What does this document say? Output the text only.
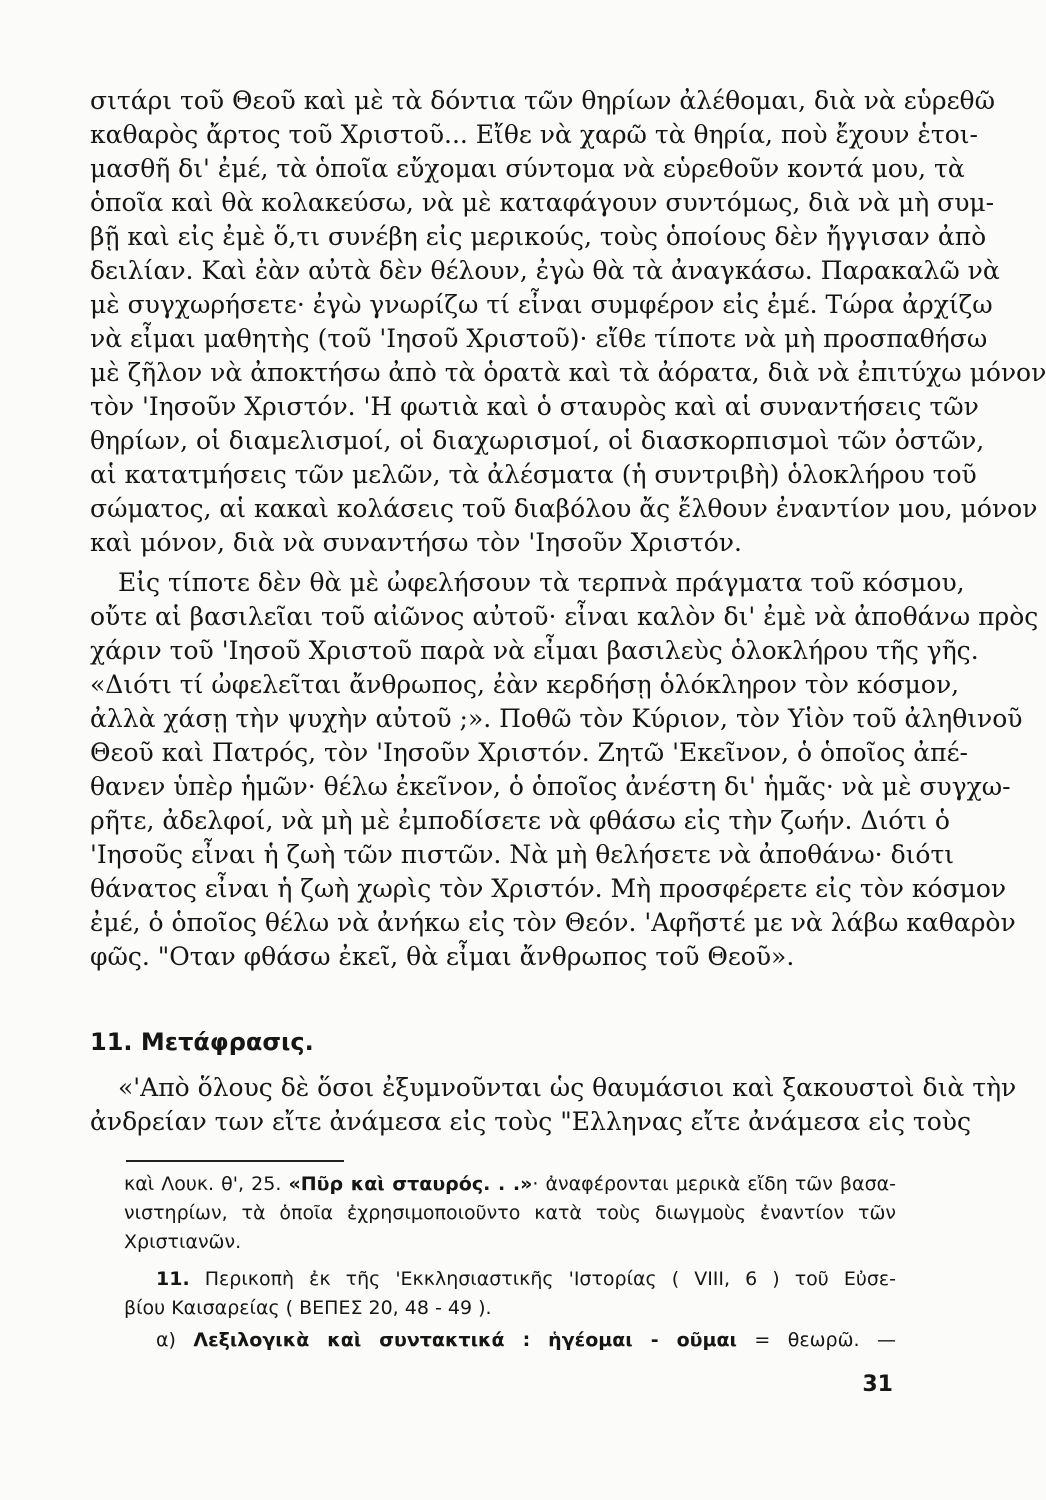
σιτάρι τοῦ Θεοῦ καὶ μὲ τὰ δόντια τῶν θηρίων ἀλέθομαι, διὰ νὰ εὑρεθῶ
καθαρὸς ἄρτος τοῦ Χριστοῦ... Εἴθε νὰ χαρῶ τὰ θηρία, ποὺ ἔχουν ἑτοι-
μασθῆ δι' ἐμέ, τὰ ὁποῖα εὔχομαι σύντομα νὰ εὑρεθοῦν κοντά μου, τὰ
ὁποῖα καὶ θὰ κολακεύσω, νὰ μὲ καταφάγουν συντόμως, διὰ νὰ μὴ συμ-
βῇ καὶ εἰς ἐμὲ ὅ,τι συνέβη εἰς μερικούς, τοὺς ὁποίους δὲν ἤγγισαν ἀπὸ
δειλίαν. Καὶ ἐὰν αὐτὰ δὲν θέλουν, ἐγὼ θὰ τὰ ἀναγκάσω. Παρακαλῶ νὰ
μὲ συγχωρήσετε· ἐγὼ γνωρίζω τί εἶναι συμφέρον εἰς ἐμέ. Τώρα ἀρχίζω
νὰ εἶμαι μαθητὴς (τοῦ 'Ιησοῦ Χριστοῦ)· εἴθε τίποτε νὰ μὴ προσπαθήσω
μὲ ζῆλον νὰ ἀποκτήσω ἀπὸ τὰ ὁρατὰ καὶ τὰ ἀόρατα, διὰ νὰ ἐπιτύχω μόνον
τὸν 'Ιησοῦν Χριστόν. 'Η φωτιὰ καὶ ὁ σταυρὸς καὶ αἱ συναντήσεις τῶν
θηρίων, οἱ διαμελισμοί, οἱ διαχωρισμοί, οἱ διασκορπισμοὶ τῶν ὀστῶν,
αἱ κατατμήσεις τῶν μελῶν, τὰ ἀλέσματα (ἡ συντριβὴ) ὁλοκλήρου τοῦ
σώματος, αἱ κακαὶ κολάσεις τοῦ διαβόλου ἄς ἔλθουν ἐναντίον μου, μόνον
καὶ μόνον, διὰ νὰ συναντήσω τὸν 'Ιησοῦν Χριστόν.
Εἰς τίποτε δὲν θὰ μὲ ὠφελήσουν τὰ τερπνὰ πράγματα τοῦ κόσμου,
οὔτε αἱ βασιλεῖαι τοῦ αἰῶνος αὐτοῦ· εἶναι καλὸν δι' ἐμὲ νὰ ἀποθάνω πρὸς
χάριν τοῦ 'Ιησοῦ Χριστοῦ παρὰ νὰ εἶμαι βασιλεὺς ὁλοκλήρου τῆς γῆς.
«Διότι τί ὠφελεῖται ἄνθρωπος, ἐὰν κερδήσῃ ὁλόκληρον τὸν κόσμον,
ἀλλὰ χάσῃ τὴν ψυχὴν αὐτοῦ ;». Ποθῶ τὸν Κύριον, τὸν Υἱὸν τοῦ ἀληθινοῦ
Θεοῦ καὶ Πατρός, τὸν 'Ιησοῦν Χριστόν. Ζητῶ 'Εκεῖνον, ὁ ὁποῖος ἀπέ-
θανεν ὑπὲρ ἡμῶν· θέλω ἐκεῖνον, ὁ ὁποῖος ἀνέστη δι' ἡμᾶς· νὰ μὲ συγχω-
ρῆτε, ἀδελφοί, νὰ μὴ μὲ ἐμποδίσετε νὰ φθάσω εἰς τὴν ζωήν. Διότι ὁ
'Ιησοῦς εἶναι ἡ ζωὴ τῶν πιστῶν. Νὰ μὴ θελήσετε νὰ ἀποθάνω· διότι
θάνατος εἶναι ἡ ζωὴ χωρὶς τὸν Χριστόν. Μὴ προσφέρετε εἰς τὸν κόσμον
ἐμέ, ὁ ὁποῖος θέλω νὰ ἀνήκω εἰς τὸν Θεόν. 'Αφῆστέ με νὰ λάβω καθαρὸν
φῶς. "Οταν φθάσω ἐκεῖ, θὰ εἶμαι ἄνθρωπος τοῦ Θεοῦ».
11. Μετάφρασις.
«'Απὸ ὅλους δὲ ὅσοι ἐξυμνοῦνται ὡς θαυμάσιοι καὶ ξακουστοὶ διὰ τὴν
ἀνδρείαν των εἴτε ἀνάμεσα εἰς τοὺς "Ελληνας εἴτε ἀνάμεσα εἰς τοὺς
καὶ Λουκ. θ', 25. «Πῦρ καὶ σταυρός. . .»· ἀναφέρονται μερικὰ εἴδη τῶν βασα-
νιστηρίων, τὰ ὁποῖα ἐχρησιμοποιοῦντο κατὰ τοὺς διωγμοὺς ἐναντίον τῶν
Χριστιανῶν.
11. Περικοπὴ ἐκ τῆς 'Εκκλησιαστικῆς 'Ιστορίας ( VIII, 6 ) τοῦ Εὐσε-
βίου Καισαρείας ( ΒΕΠΕΣ 20, 48 - 49 ).
α) Λεξιλογικὰ καὶ συντακτικά : ἡγέομαι - οῦμαι = θεωρῶ. —
31
